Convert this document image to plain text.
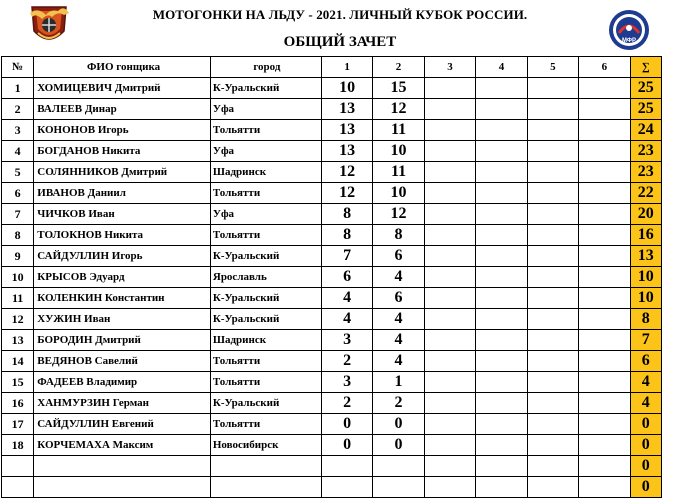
МОТОГОНКИ НА ЛЬДУ - 2021. ЛИЧНЫЙ КУБОК РОССИИ.
ОБЩИЙ ЗАЧЕТ	МФР
№	ФИО гонщика	город	1	2	3	4	5	6	∑
1	ХОМИЦЕВИЧ Дмитрий	К-Уральский	10	15					25
2	ВАЛЕЕВ Динар	Уфа	13	12					25
3	КОНОНОВ Игорь	Тольятти	13	11					24
4	БОГДАНОВ Никита	Уфа	13	10					23
5	СОЛЯННИКОВ Дмитрий	Шадринск	12	11					23
6	ИВАНОВ Даниил	Тольятти	12	10					22
7	ЧИЧКОВ Иван	Уфа	8	12					20
8	ТОЛОКНОВ Никита	Тольятти	8	8					16
9	САЙДУЛЛИН Игорь	К-Уральский	7	6					13
10	КРЫСОВ Эдуард	Ярославль	6	4					10
11	КОЛЕНКИН Константин	К-Уральский	4	6					10
12	ХУЖИН Иван	К-Уральский	4	4					8
13	БОРОДИН Дмитрий	Шадринск	3	4					7
14	ВЕДЯНОВ Савелий	Тольятти	2	4					6
15	ФАДЕЕВ Владимир	Тольятти	3	1					4
16	ХАНМУРЗИН Герман	К-Уральский	2	2					4
17	САЙДУЛЛИН Евгений	Тольятти	0	0					0
18	КОРЧЕМАХА Максим	Новосибирск	0	0					0
									0
									0
